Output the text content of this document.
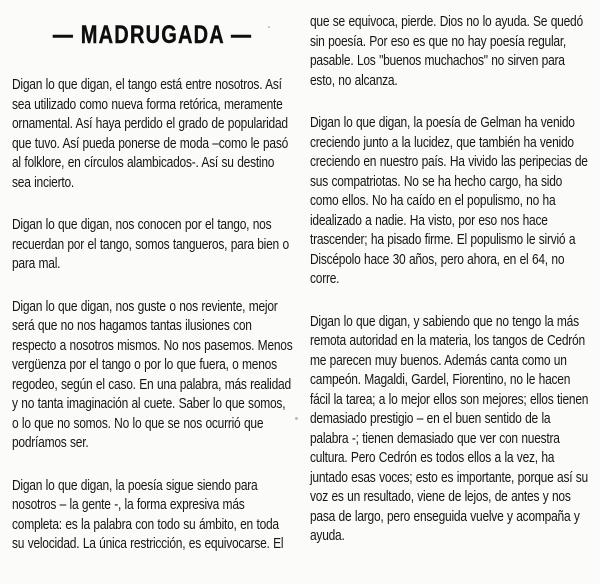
— MADRUGADA —

Digan lo que digan, el tango está entre nosotros. Así sea utilizado como nueva forma retórica, meramente ornamental. Así haya perdido el grado de popularidad que tuvo. Así pueda ponerse de moda –como le pasó al folklore, en círculos alambicados-. Así su destino sea incierto.

Digan lo que digan, nos conocen por el tango, nos recuerdan por el tango, somos tangueros, para bien o para mal.

Digan lo que digan, nos guste o nos reviente, mejor será que no nos hagamos tantas ilusiones con respecto a nosotros mismos. No nos pasemos. Menos vergüenza por el tango o por lo que fuera, o menos regodeo, según el caso. En una palabra, más realidad y no tanta imaginación al cuete. Saber lo que somos, o lo que no somos. No lo que se nos ocurrió que podríamos ser.

Digan lo que digan, la poesía sigue siendo para nosotros – la gente -, la forma expresiva más completa: es la palabra con todo su ámbito, en toda su velocidad. La única restricción, es equivocarse. El

que se equivoca, pierde. Dios no lo ayuda. Se quedó sin poesía. Por eso es que no hay poesía regular, pasable. Los "buenos muchachos" no sirven para esto, no alcanza.

Digan lo que digan, la poesía de Gelman ha venido creciendo junto a la lucidez, que también ha venido creciendo en nuestro país. Ha vivido las peripecias de sus compatriotas. No se ha hecho cargo, ha sido como ellos. No ha caído en el populismo, no ha idealizado a nadie. Ha visto, por eso nos hace trascender; ha pisado firme. El populismo le sirvió a Discépolo hace 30 años, pero ahora, en el 64, no corre.

Digan lo que digan, y sabiendo que no tengo la más remota autoridad en la materia, los tangos de Cedrón me parecen muy buenos. Además canta como un campeón. Magaldi, Gardel, Fiorentino, no le hacen fácil la tarea; a lo mejor ellos son mejores; ellos tienen demasiado prestigio – en el buen sentido de la palabra -; tienen demasiado que ver con nuestra cultura. Pero Cedrón es todos ellos a la vez, ha juntado esas voces; esto es importante, porque así su voz es un resultado, viene de lejos, de antes y nos pasa de largo, pero enseguida vuelve y acompaña y ayuda.
